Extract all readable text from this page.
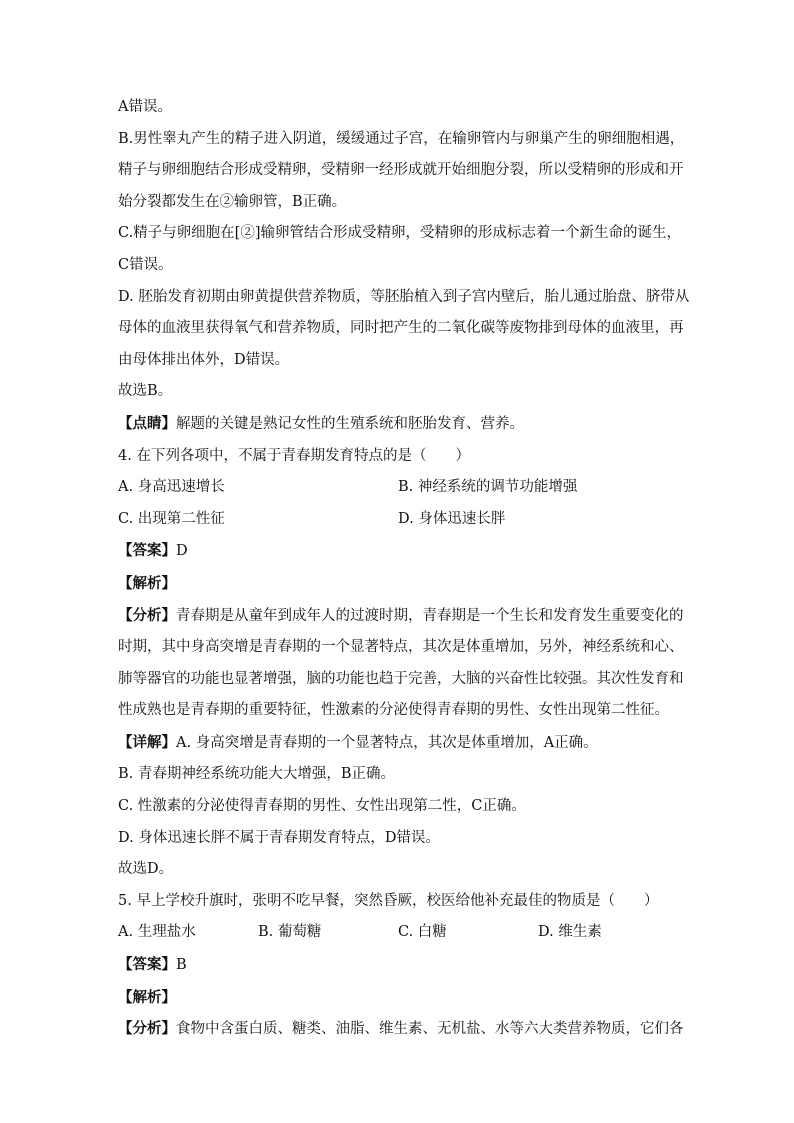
A错误。
B.男性睾丸产生的精子进入阴道，缓缓通过子宫，在输卵管内与卵巢产生的卵细胞相遇，
精子与卵细胞结合形成受精卵，受精卵一经形成就开始细胞分裂，所以受精卵的形成和开
始分裂都发生在②输卵管，B正确。
C.精子与卵细胞在[②]输卵管结合形成受精卵，受精卵的形成标志着一个新生命的诞生，
C错误。
D. 胚胎发育初期由卵黄提供营养物质，等胚胎植入到子宫内壁后，胎儿通过胎盘、脐带从
母体的血液里获得氧气和营养物质，同时把产生的二氧化碳等废物排到母体的血液里，再
由母体排出体外，D错误。
故选B。
【点睛】解题的关键是熟记女性的生殖系统和胚胎发育、营养。
4. 在下列各项中，不属于青春期发育特点的是（　　）
A. 身高迅速增长	B. 神经系统的调节功能增强
C. 出现第二性征	D. 身体迅速长胖
【答案】D
【解析】
【分析】青春期是从童年到成年人的过渡时期，青春期是一个生长和发育发生重要变化的
时期，其中身高突增是青春期的一个显著特点，其次是体重增加，另外，神经系统和心、
肺等器官的功能也显著增强，脑的功能也趋于完善，大脑的兴奋性比较强。其次性发育和
性成熟也是青春期的重要特征，性激素的分泌使得青春期的男性、女性出现第二性征。
【详解】A. 身高突增是青春期的一个显著特点，其次是体重增加，A正确。
B. 青春期神经系统功能大大增强，B正确。
C. 性激素的分泌使得青春期的男性、女性出现第二性，C正确。
D. 身体迅速长胖不属于青春期发育特点，D错误。
故选D。
5. 早上学校升旗时，张明不吃早餐，突然昏厥，校医给他补充最佳的物质是（　　）
A. 生理盐水	B. 葡萄糖	C. 白糖	D. 维生素
【答案】B
【解析】
【分析】食物中含蛋白质、糖类、油脂、维生素、无机盐、水等六大类营养物质，它们各
